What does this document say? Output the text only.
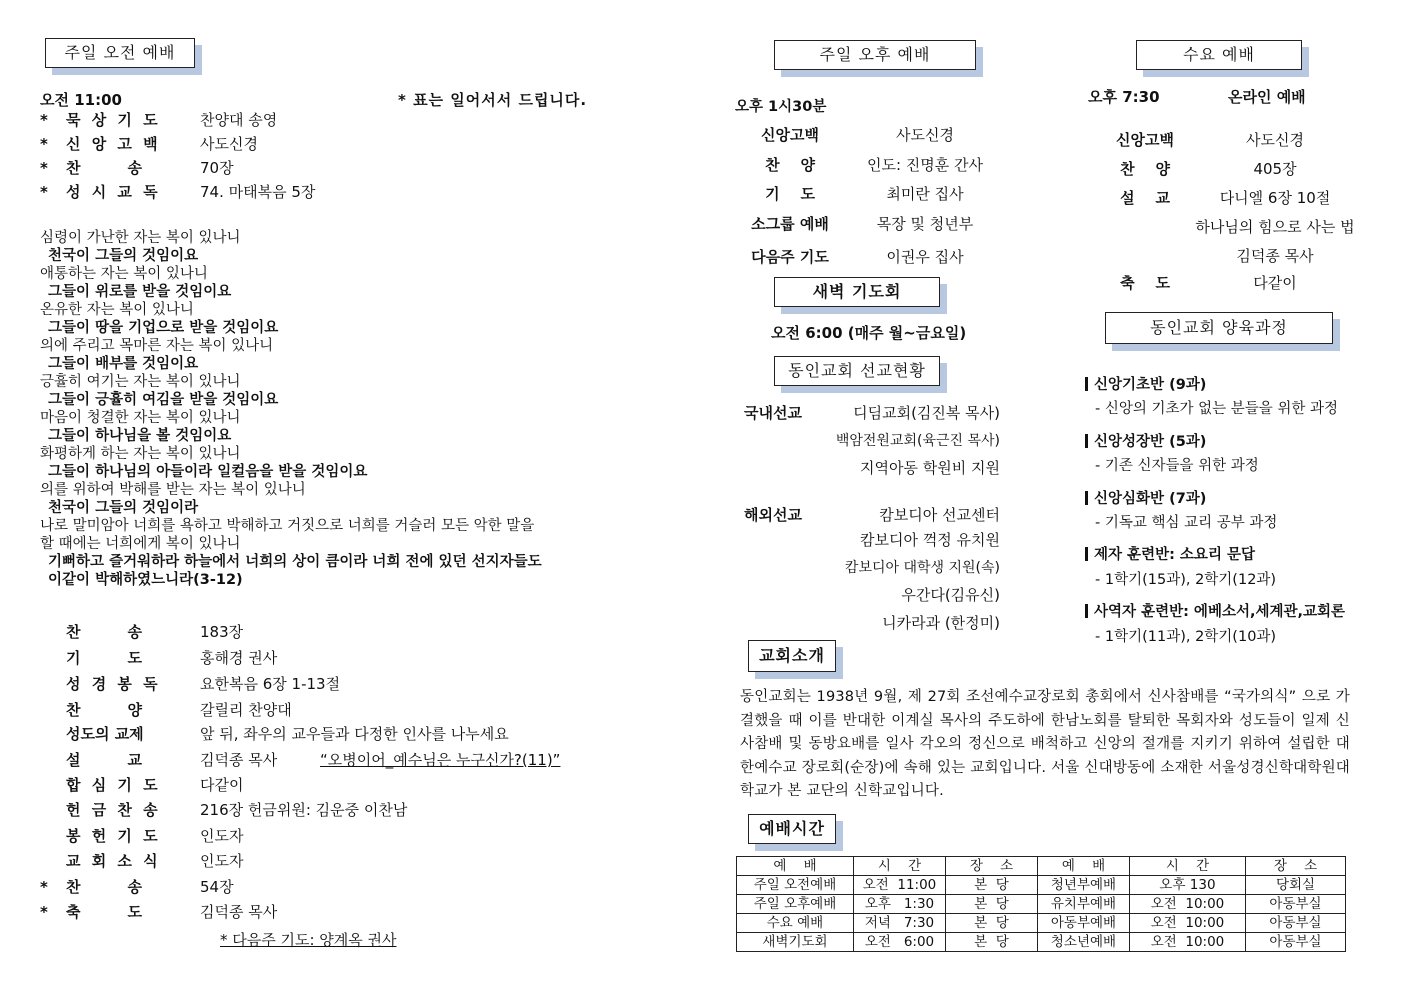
주일 오전 예배
오전 11:00	* 표는 일어서서 드립니다.
* 묵 상 기 도	찬양대 송영
* 신 앙 고 백	사도신경
* 찬         송	70장
* 성 시 교 독	74. 마태복음 5장
심령이 가난한 자는 복이 있나니
천국이 그들의 것임이요
애통하는 자는 복이 있나니
그들이 위로를 받을 것임이요
온유한 자는 복이 있나니
그들이 땅을 기업으로 받을 것임이요
의에 주리고 목마른 자는 복이 있나니
그들이 배부를 것임이요
긍휼히 여기는 자는 복이 있나니
그들이 긍휼히 여김을 받을 것임이요
마음이 청결한 자는 복이 있나니
그들이 하나님을 볼 것임이요
화평하게 하는 자는 복이 있나니
그들이 하나님의 아들이라 일컬음을 받을 것임이요
의를 위하여 박해를 받는 자는 복이 있나니
천국이 그들의 것임이라
나로 말미암아 너희를 욕하고 박해하고 거짓으로 너희를 거슬러 모든 악한 말을
할 때에는 너희에게 복이 있나니
기뻐하고 즐거워하라 하늘에서 너희의 상이 큼이라 너희 전에 있던 선지자들도
이같이 박해하였느니라(3-12)
찬         송	183장
기         도	홍해경 권사
성 경 봉 독	요한복음 6장 1-13절
찬         양	갈릴리 찬양대
성도의 교제	앞 뒤, 좌우의 교우들과 다정한 인사를 나누세요
설         교	김덕종 목사	“오병이어_예수님은 누구신가?(11)”
합 심 기 도	다같이
헌 금 찬 송	216장 헌금위원: 김운중 이찬남
봉 헌 기 도	인도자
교 회 소 식	인도자
* 찬         송	54장
* 축         도	김덕종 목사
* 다음주 기도: 양계옥 권사
주일 오후 예배
오후 1시30분
신앙고백	사도신경
찬    양	인도: 진명훈 간사
기    도	최미란 집사
소그룹 예배	목장 및 청년부
다음주 기도	이권우 집사
새벽 기도회
오전 6:00 (매주 월~금요일)
동인교회 선교현황
국내선교	디딤교회(김진복 목사)
백암전원교회(육근진 목사)
지역아동 학원비 지원
해외선교	캄보디아 선교센터
캄보디아 꺽정 유치원
캄보디아 대학생 지원(속)
우간다(김유신)
니카라과 (한정미)
교회소개
동인교회는 1938년 9월, 제 27회 조선예수교장로회 총회에서 신사참배를 “국가의식” 으로 가결했을 때 이를 반대한 이계실 목사의 주도하에 한남노회를 탈퇴한 목회자와 성도들이 일제 신사참배 및 동방요배를 일사 각오의 정신으로 배척하고 신앙의 절개를 지키기 위하여 설립한 대한예수교 장로회(순장)에 속해 있는 교회입니다. 서울 신대방동에 소재한 서울성경신학대학원대학교가 본 교단의 신학교입니다.
예배시간
예    배	시    간	장    소	예    배	시    간	장    소
주일 오전예배	오전  11:00	본  당	청년부예배	오후 130	당회실
주일 오후예배	오후   1:30	본  당	유치부예배	오전  10:00	아동부실
수요 예배	저녁   7:30	본  당	아동부예배	오전  10:00	아동부실
새벽기도회	오전   6:00	본  당	청소년예배	오전  10:00	아동부실
수요 예배
오후 7:30	온라인 예배
신앙고백	사도신경
찬    양	405장
설    교	다니엘 6장 10절
하나님의 힘으로 사는 법
김덕종 목사
축    도	다같이
동인교회 양육과정
신앙기초반 (9과)
- 신앙의 기초가 없는 분들을 위한 과정
신앙성장반 (5과)
- 기존 신자들을 위한 과정
신앙심화반 (7과)
- 기독교 핵심 교리 공부 과정
제자 훈련반: 소요리 문답
- 1학기(15과), 2학기(12과)
사역자 훈련반: 에베소서,세계관,교회론
- 1학기(11과), 2학기(10과)
